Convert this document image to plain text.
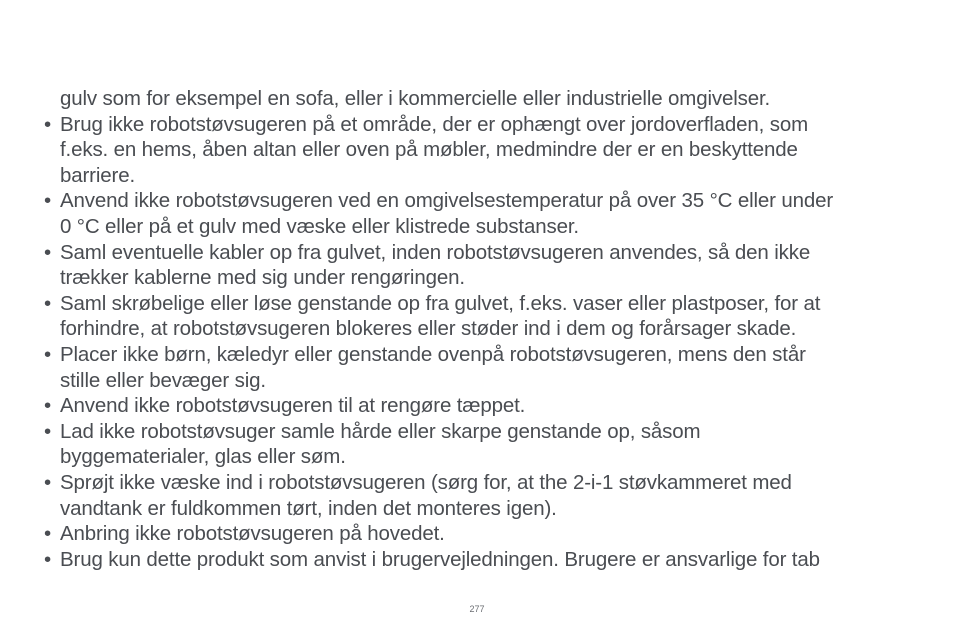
gulv som for eksempel en sofa, eller i kommercielle eller industrielle omgivelser.
• Brug ikke robotstøvsugeren på et område, der er ophængt over jordoverfladen, som
f.eks. en hems, åben altan eller oven på møbler, medmindre der er en beskyttende
barriere.
• Anvend ikke robotstøvsugeren ved en omgivelsestemperatur på over 35 °C eller under
0 °C eller på et gulv med væske eller klistrede substanser.
• Saml eventuelle kabler op fra gulvet, inden robotstøvsugeren anvendes, så den ikke
trækker kablerne med sig under rengøringen.
• Saml skrøbelige eller løse genstande op fra gulvet, f.eks. vaser eller plastposer, for at
forhindre, at robotstøvsugeren blokeres eller støder ind i dem og forårsager skade.
• Placer ikke børn, kæledyr eller genstande ovenpå robotstøvsugeren, mens den står
stille eller bevæger sig.
• Anvend ikke robotstøvsugeren til at rengøre tæppet.
• Lad ikke robotstøvsuger samle hårde eller skarpe genstande op, såsom
byggematerialer, glas eller søm.
• Sprøjt ikke væske ind i robotstøvsugeren (sørg for, at the 2-i-1 støvkammeret med
vandtank er fuldkommen tørt, inden det monteres igen).
• Anbring ikke robotstøvsugeren på hovedet.
• Brug kun dette produkt som anvist i brugervejledningen. Brugere er ansvarlige for tab
277
